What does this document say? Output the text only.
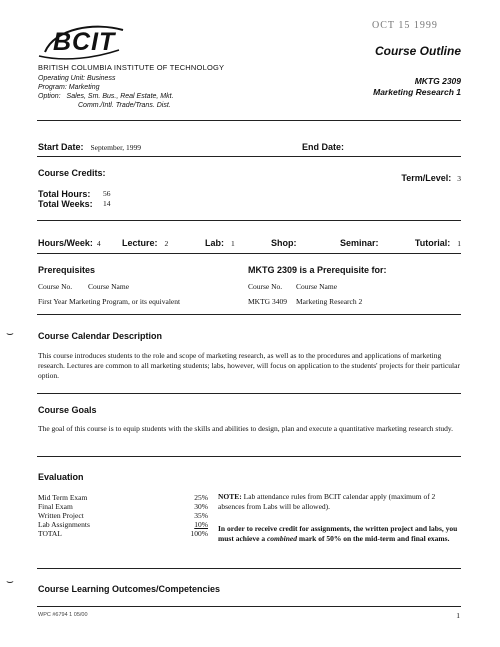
OCT 15 1999
BCIT
BRITISH COLUMBIA INSTITUTE OF TECHNOLOGY
Course Outline
Operating Unit: Business
Program: Marketing
Option: Sales, Sm. Bus., Real Estate, Mkt.
Comm./Intl. Trade/Trans. Dist.
MKTG 2309
Marketing Research 1
Start Date: September, 1999	End Date:
Course Credits:	Term/Level: 3
Total Hours: 56
Total Weeks: 14
Hours/Week: 4 Lecture: 2	Lab: 1	Shop:	Seminar:	Tutorial: 1
Prerequisites
Course No. Course Name
First Year Marketing Program, or its equivalent
MKTG 2309 is a Prerequisite for:
Course No. Course Name
MKTG 3409 Marketing Research 2
⌣	Course Calendar Description
This course introduces students to the role and scope of marketing research, as well as to the procedures and applications of marketing research. Lectures are common to all marketing students; labs, however, will focus on application to the students' projects for their particular option.
Course Goals
The goal of this course is to equip students with the skills and abilities to design, plan and execute a quantitative marketing research study.
Evaluation
Mid Term Exam	25%
Final Exam	30%
Written Project	35%
Lab Assignments	10%
TOTAL	100%
NOTE: Lab attendance rules from BCIT calendar apply (maximum of 2 absences from Labs will be allowed).
In order to receive credit for assignments, the written project and labs, you must achieve a combined mark of 50% on the mid-term and final exams.
⌣
Course Learning Outcomes/Competencies
WPC #6794 1 05/00	1
